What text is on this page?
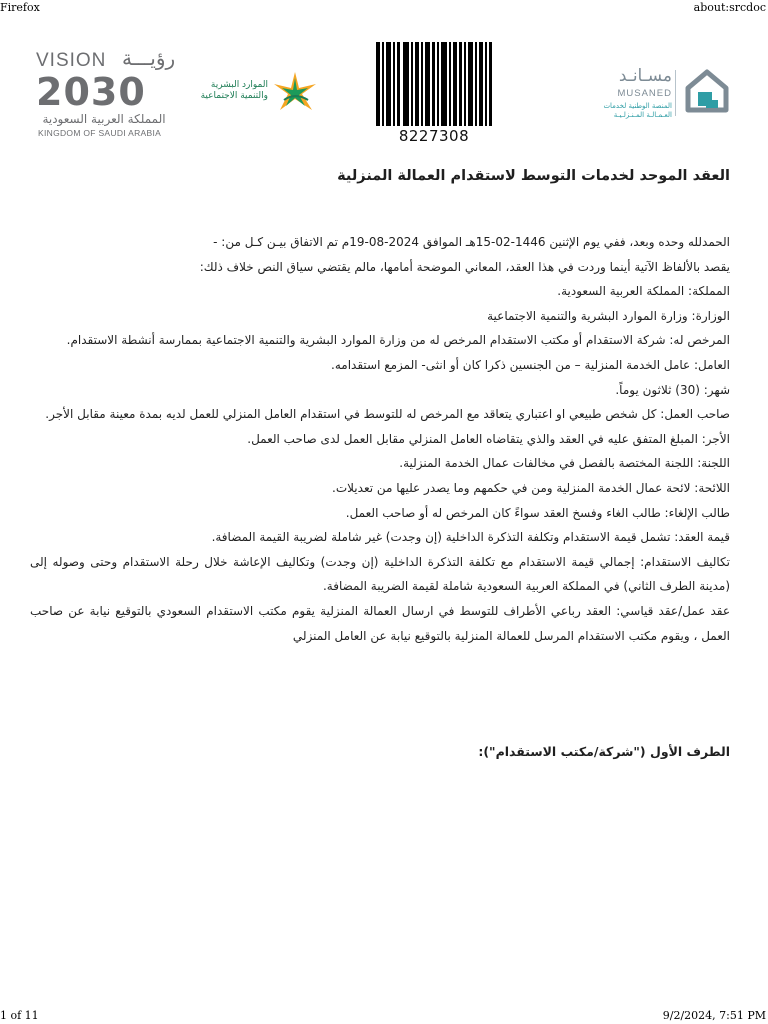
Firefox	about:srcdoc
VISION رؤيـــة
2030
المملكة العربية السعودية
KINGDOM OF SAUDI ARABIA
الموارد البشرية
والتنمية الاجتماعية
8227308
مسـانـد
MUSANED
المنصة الوطنية لخدمات
العـمـالـة المـنـزلـيـة
العقد الموحد لخدمات التوسط لاستقدام العمالة المنزلية

الحمدلله وحده وبعد، ففي يوم الإثنين 1446-02-15هـ الموافق 2024-08-19م تم الاتفاق بيـن كـل من: -

يقصد بالألفاظ الآتية أينما وردت في هذا العقد، المعاني الموضحة أمامها، مالم يقتضي سياق النص خلاف ذلك:

المملكة: المملكة العربية السعودية.

الوزارة: وزارة الموارد البشرية والتنمية الاجتماعية

المرخص له: شركة الاستقدام أو مكتب الاستقدام المرخص له من وزارة الموارد البشرية والتنمية الاجتماعية بممارسة أنشطة الاستقدام.

العامل: عامل الخدمة المنزلية – من الجنسين ذكرا كان أو انثى- المزمع استقدامه.

شهر: (30) ثلاثون يوماً.

صاحب العمل: كل شخص طبيعي او اعتباري يتعاقد مع المرخص له للتوسط في استقدام العامل المنزلي للعمل لديه بمدة معينة مقابل الأجر.

الأجر: المبلغ المتفق عليه في العقد والذي يتقاضاه العامل المنزلي مقابل العمل لدى صاحب العمل.

اللجنة: اللجنة المختصة بالفصل في مخالفات عمال الخدمة المنزلية.

اللائحة: لائحة عمال الخدمة المنزلية ومن في حكمهم وما يصدر عليها من تعديلات.

طالب الإلغاء: طالب الغاء وفسخ العقد سواءً كان المرخص له أو صاحب العمل.

قيمة العقد: تشمل قيمة الاستقدام وتكلفة التذكرة الداخلية (إن وجدت) غير شاملة لضريبة القيمة المضافة.

تكاليف الاستقدام: إجمالي قيمة الاستقدام مع تكلفة التذكرة الداخلية (إن وجدت) وتكاليف الإعاشة خلال رحلة الاستقدام وحتى وصوله إلى (مدينة الطرف الثاني) في المملكة العربية السعودية شاملة لقيمة الضريبة المضافة.

عقد عمل/عقد قياسي: العقد رباعي الأطراف للتوسط في ارسال العمالة المنزلية يقوم مكتب الاستقدام السعودي بالتوقيع نيابة عن صاحب العمل ، ويقوم مكتب الاستقدام المرسل للعمالة المنزلية بالتوقيع نيابة عن العامل المنزلي

الطرف الأول ("شركة/مكتب الاستقدام"):
1 of 11	9/2/2024, 7:51 PM
